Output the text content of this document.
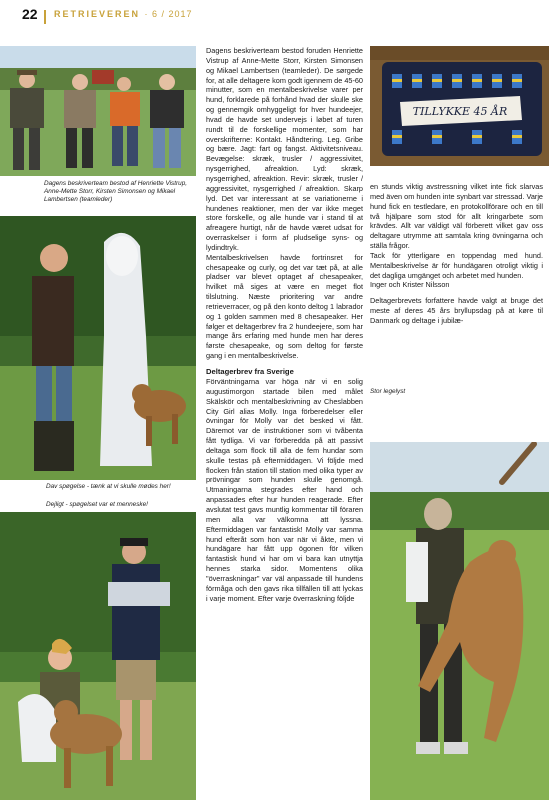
22 RETRIEVEREN · 6 / 2017
Dagens beskriverteam bestod af Henriette Vistrup, Anne-Mette Storr, Kirsten Simonsen og Mikael Lambertsen (teamleder)
Dav spøgelse - tænk at vi skulle mødes her!
Dejligt - spøgelset var et menneske!
TILLYKKE 45 ÅR
Stor legelyst

Dagens beskriverteam bestod foruden Henriette Vistrup af Anne-Mette Storr, Kirsten Simonsen og Mikael Lambertsen (teamleder). De sørgede for, at alle deltagere kom godt igennem de 45-60 minutter, som en mentalbeskrivelse varer per hund, forklarede på forhånd hvad der skulle ske og gennemgik omhyggeligt for hver hundeejer, hvad de havde set undervejs i løbet af turen rundt til de forskellige momenter, som har overskrifterne: Kontakt. Håndtering. Leg. Gribe og bære. Jagt: fart og fangst. Aktivitetsniveau. Bevægelse: skræk, trusler / aggressivitet, nysgerrighed, afreaktion. Lyd: skræk, nysgerrighed, afreaktion. Revir: skræk, trusler / aggressivitet, nysgerrighed / afreaktion. Skarp lyd. Det var interessant at se variationerne i hundenes reaktioner, men der var ikke meget store forskelle, og alle hunde var i stand til at afreagere hurtigt, når de havde været udsat for overraskelser i form af pludselige syns- og lydindtryk.

Mentalbeskrivelsen havde fortrinsret for chesapeake og curly, og det var tæt på, at alle pladser var blevet optaget af chesapeaker, hvilket må siges at være en meget flot tilslutning. Næste prioritering var andre retrieverracer, og på den konto deltog 1 labrador og 1 golden sammen med 8 chesapeaker. Her følger et deltagerbrev fra 2 hundeejere, som har mange års erfaring med hunde men har deres første chesapeake, og som deltog for første gang i en mentalbeskrivelse.

Deltagerbrev fra Sverige

Förväntningarna var höga när vi en solig augustimorgon startade bilen med målet Skälskör och mentalbeskrivning av Cheslabben City Girl alias Molly. Inga förberedelser eller övningar för Molly var det besked vi fått. Däremot var de instruktioner som vi tvåbenta fått tydliga. Vi var förberedda på att passivt deltaga som flock till alla de fem hundar som skulle testas på eftermiddagen. Vi följde med flocken från station till station med olika typer av prövningar som hunden skulle genomgå. Utmaningarna stegrades efter hand och anpassades efter hur hunden reagerade. Efter avslutat test gavs muntlig kommentar till föraren men alla var välkomna att lyssna. Eftermiddagen var fantastisk! Molly var samma hund efteråt som hon var när vi åkte, men vi hundägare har fått upp ögonen för vilken fantastisk hund vi har om vi bara kan utnyttja hennes starka sidor. Momentens olika "överraskningar" var väl anpassade till hundens förmåga och den gavs rika tillfällen till att lyckas i varje moment. Efter varje överraskning följde

en stunds viktig avstressning vilket inte fick slarvas med även om hunden inte synbart var stressad. Varje hund fick en testledare, en protokollförare och en till två hjälpare som stod för allt kringarbete som krävdes. Allt var väldigt väl förberett vilket gav oss deltagare utrymme att samtala kring övningarna och ställa frågor.

Tack för ytterligare en toppendag med hund. Mentalbeskrivelse är för hundägaren otroligt viktig i det dagliga umgänget och arbetet med hunden.

Inger och Krister Nilsson

Deltagerbrevets forfattere havde valgt at bruge det meste af deres 45 års bryllupsdag på at køre til Danmark og deltage i jubilæ-
